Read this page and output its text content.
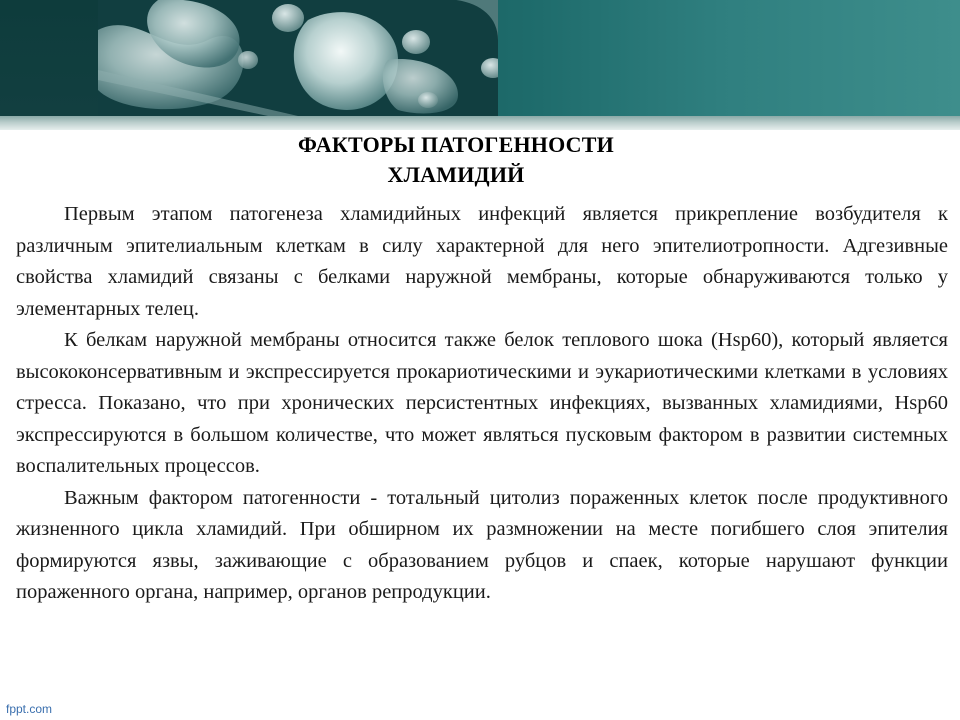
ФАКТОРЫ ПАТОГЕННОСТИ
ХЛАМИДИЙ

Первым этапом патогенеза хламидийных инфекций является прикрепление возбудителя к различным эпителиальным клеткам в силу характерной для него эпителиотропности. Адгезивные свойства хламидий связаны с белками наружной мембраны, которые обнаруживаются только у элементарных телец.

К белкам наружной мембраны относится также белок теплового шока (Hsp60), который является высококонсервативным и экспрессируется прокариотическими и эукариотическими клетками в условиях стресса. Показано, что при хронических персистентных инфекциях, вызванных хламидиями, Hsp60 экспрессируются в большом количестве, что может являться пусковым фактором в развитии системных воспалительных процессов.

Важным фактором патогенности - тотальный цитолиз пораженных клеток после продуктивного жизненного цикла хламидий. При обширном их размножении на месте погибшего слоя эпителия формируются язвы, заживающие с образованием рубцов и спаек, которые нарушают функции пораженного органа, например, органов репродукции.

fppt.com
